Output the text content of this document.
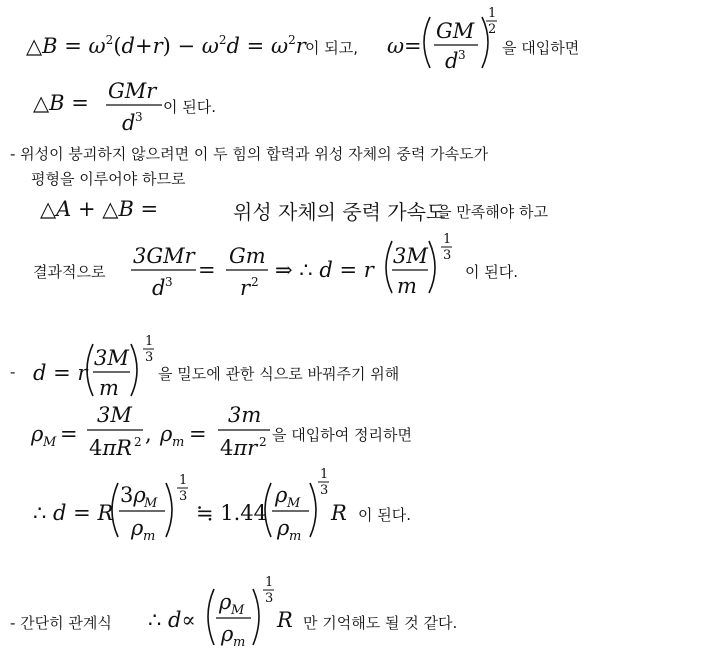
△B = $\omega^2(d+r) - \omega^2d = \omega^2r$	ω =
GM
d 3
1
2
이 되고,	을 대입하면
△B = GMr
d 3
이 된다.
- 위성이 붕괴하지 않으려면 이 두 힘의 합력과 위성 자체의 중력 가속도가
평형을 이루어야 하므로
△A + △B =	위성 자체의 중력 가속도
을 만족해야 하고
결과적으로
3GMr
d 3 =
Gm
r 2 ⇒ ∴ d = r
3M
m
1
3
이 된다.
- d = r
3M
m
1
3
을 밀도에 관한 식으로 바꿔주기 위해
ρ M =
3M
4πR 2 , ρ m =
3m
4πr 2 을 대입하여 정리하면
∴ d = R
3ρ
M
ρ m
1
3
≒ 1.44
ρ M
ρ m
1
3
R 이 된다.
- 간단히 관계식 ∴ d∝
ρ M
ρ m
1
3
R 만 기억해도 될 것 같다.
